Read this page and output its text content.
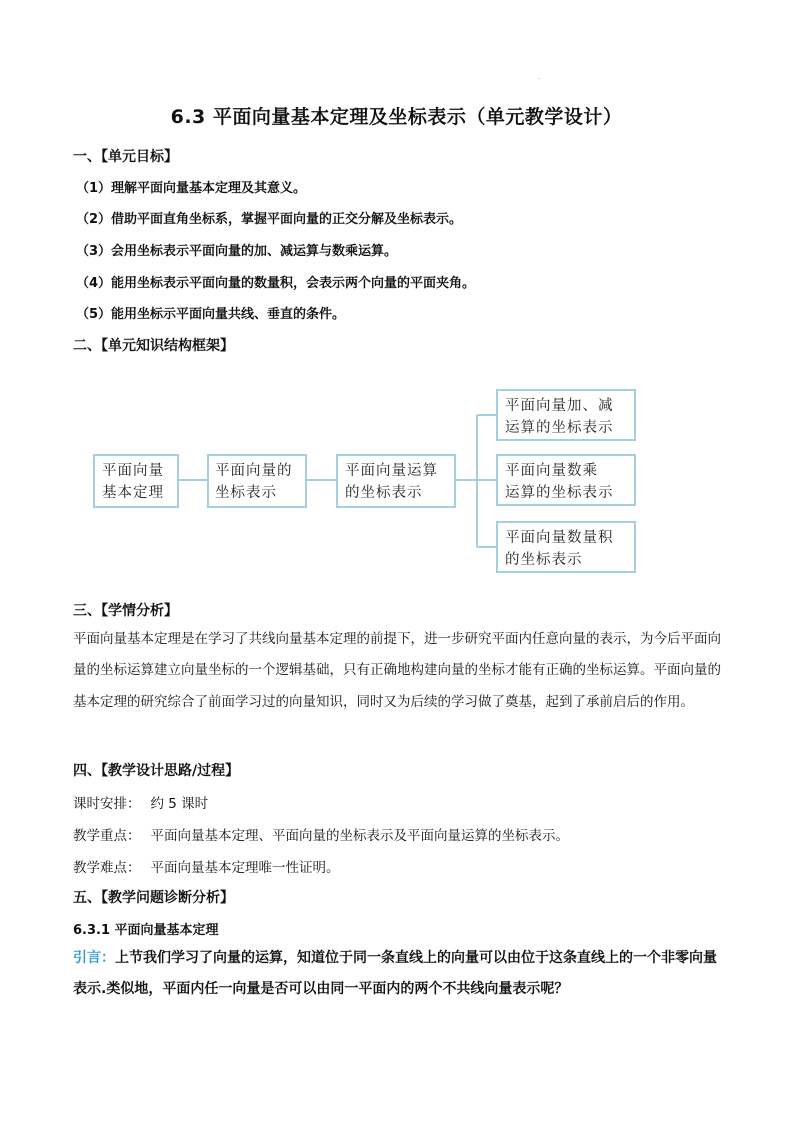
.
6.3 平面向量基本定理及坐标表示（单元教学设计）
一、【单元目标】
（1）理解平面向量基本定理及其意义。
（2）借助平面直角坐标系，掌握平面向量的正交分解及坐标表示。
（3）会用坐标表示平面向量的加、减运算与数乘运算。
（4）能用坐标表示平面向量的数量积，会表示两个向量的平面夹角。
（5）能用坐标示平面向量共线、垂直的条件。
二、【单元知识结构框架】
平面向量
基本定理
平面向量的
坐标表示
平面向量运算
的坐标表示
平面向量加、减
运算的坐标表示
平面向量数乘
运算的坐标表示
平面向量数量积
的坐标表示
三、【学情分析】

平面向量基本定理是在学习了共线向量基本定理的前提下，进一步研究平面内任意向量的表示，为今后平面向量的坐标运算建立向量坐标的一个逻辑基础，只有正确地构建向量的坐标才能有正确的坐标运算。平面向量的基本定理的研究综合了前面学习过的向量知识，同时又为后续的学习做了奠基，起到了承前启后的作用。

四、【教学设计思路/过程】
课时安排： 约 5 课时
教学重点： 平面向量基本定理、平面向量的坐标表示及平面向量运算的坐标表示。
教学难点： 平面向量基本定理唯一性证明。
五、【教学问题诊断分析】
6.3.1 平面向量基本定理

引言：上节我们学习了向量的运算，知道位于同一条直线上的向量可以由位于这条直线上的一个非零向量表示.类似地，平面内任一向量是否可以由同一平面内的两个不共线向量表示呢？
